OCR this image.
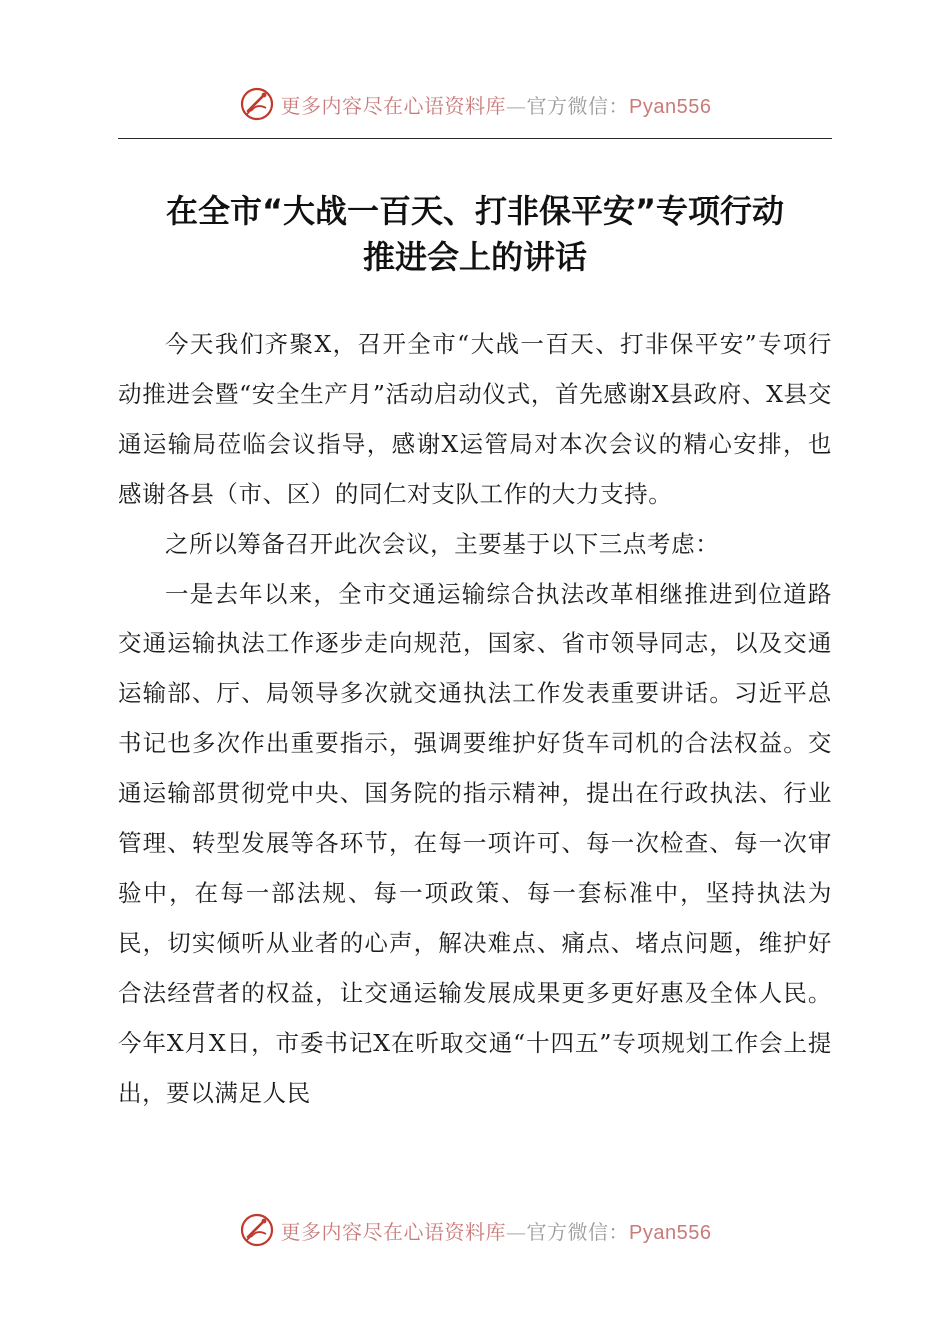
更多内容尽在心语资料库—官方微信：Pyan556
在全市“大战一百天、打非保平安”专项行动
推进会上的讲话

今天我们齐聚X，召开全市“大战一百天、打非保平安”专项行动推进会暨“安全生产月”活动启动仪式，首先感谢X县政府、X县交通运输局莅临会议指导，感谢X运管局对本次会议的精心安排，也感谢各县（市、区）的同仁对支队工作的大力支持。

之所以筹备召开此次会议，主要基于以下三点考虑：

一是去年以来，全市交通运输综合执法改革相继推进到位道路交通运输执法工作逐步走向规范，国家、省市领导同志，以及交通运输部、厅、局领导多次就交通执法工作发表重要讲话。习近平总书记也多次作出重要指示，强调要维护好货车司机的合法权益。交通运输部贯彻党中央、国务院的指示精神，提出在行政执法、行业管理、转型发展等各环节，在每一项许可、每一次检查、每一次审验中，在每一部法规、每一项政策、每一套标准中，坚持执法为民，切实倾听从业者的心声，解决难点、痛点、堵点问题，维护好合法经营者的权益，让交通运输发展成果更多更好惠及全体人民。今年X月X日，市委书记X在听取交通“十四五”专项规划工作会上提出，要以满足人民

更多内容尽在心语资料库—官方微信：Pyan556
